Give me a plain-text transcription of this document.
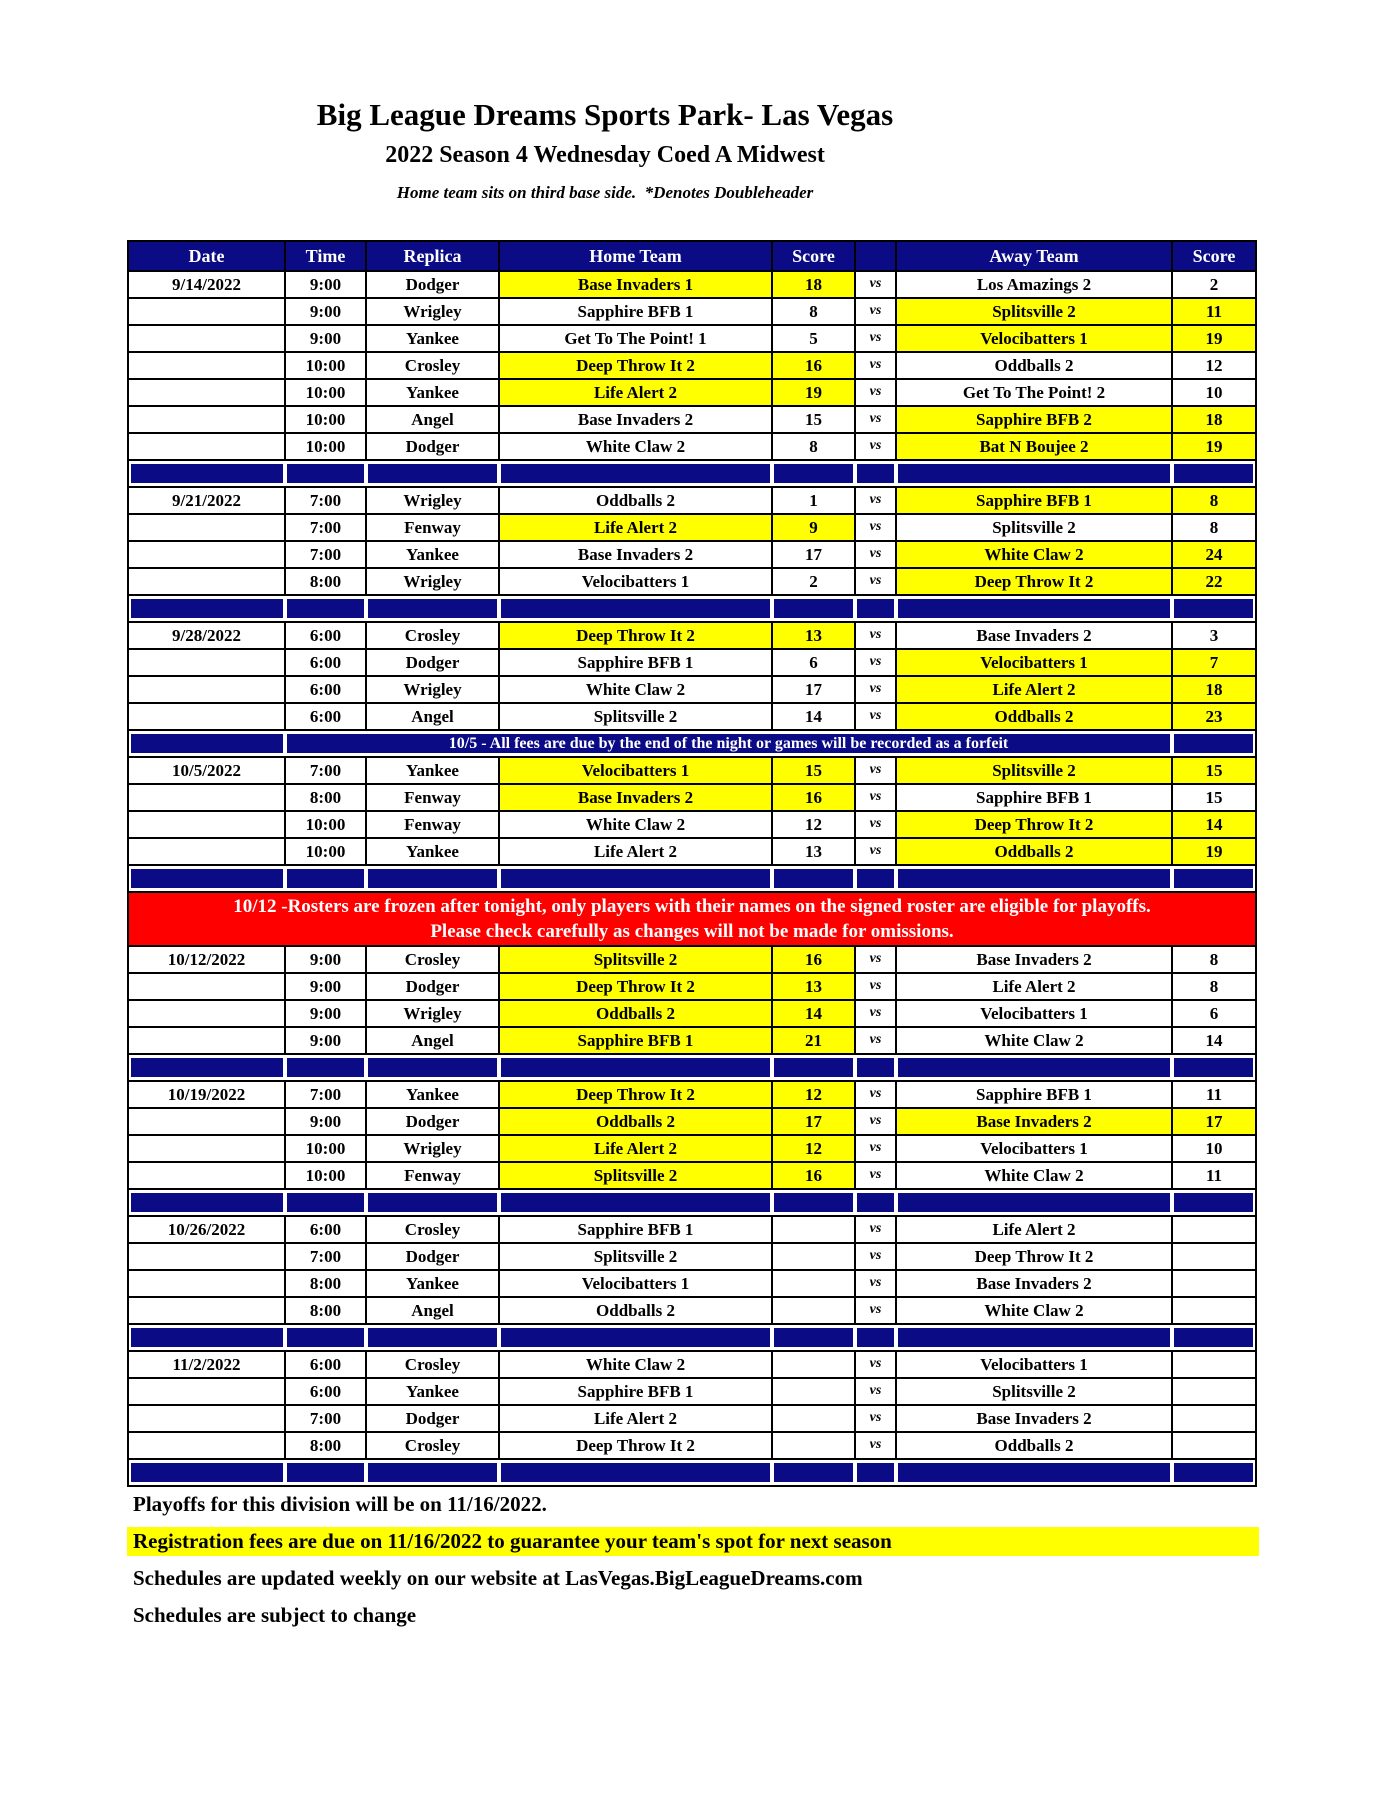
Big League Dreams Sports Park- Las Vegas
2022 Season 4 Wednesday Coed A Midwest
Home team sits on third base side.  *Denotes Doubleheader
Date	Time	Replica	Home Team	Score		Away Team	Score
9/14/2022	9:00	Dodger	Base Invaders 1	18	vs	Los Amazings 2	2
	9:00	Wrigley	Sapphire BFB 1	8	vs	Splitsville 2	11
	9:00	Yankee	Get To The Point! 1	5	vs	Velocibatters 1	19
	10:00	Crosley	Deep Throw It 2	16	vs	Oddballs 2	12
	10:00	Yankee	Life Alert 2	19	vs	Get To The Point! 2	10
	10:00	Angel	Base Invaders 2	15	vs	Sapphire BFB 2	18
	10:00	Dodger	White Claw 2	8	vs	Bat N Boujee 2	19

9/21/2022	7:00	Wrigley	Oddballs 2	1	vs	Sapphire BFB 1	8
	7:00	Fenway	Life Alert 2	9	vs	Splitsville 2	8
	7:00	Yankee	Base Invaders 2	17	vs	White Claw 2	24
	8:00	Wrigley	Velocibatters 1	2	vs	Deep Throw It 2	22

9/28/2022	6:00	Crosley	Deep Throw It 2	13	vs	Base Invaders 2	3
	6:00	Dodger	Sapphire BFB 1	6	vs	Velocibatters 1	7
	6:00	Wrigley	White Claw 2	17	vs	Life Alert 2	18
	6:00	Angel	Splitsville 2	14	vs	Oddballs 2	23

	10/5 - All fees are due by the end of the night or games will be recorded as a forfeit						

10/5/2022	7:00	Yankee	Velocibatters 1	15	vs	Splitsville 2	15
	8:00	Fenway	Base Invaders 2	16	vs	Sapphire BFB 1	15
	10:00	Fenway	White Claw 2	12	vs	Deep Throw It 2	14
	10:00	Yankee	Life Alert 2	13	vs	Oddballs 2	19

10/12 -Rosters are frozen after tonight, only players with their names on the signed roster are eligible for playoffs.
Please check carefully as changes will not be made for omissions.							

10/12/2022	9:00	Crosley	Splitsville 2	16	vs	Base Invaders 2	8
	9:00	Dodger	Deep Throw It 2	13	vs	Life Alert 2	8
	9:00	Wrigley	Oddballs 2	14	vs	Velocibatters 1	6
	9:00	Angel	Sapphire BFB 1	21	vs	White Claw 2	14

10/19/2022	7:00	Yankee	Deep Throw It 2	12	vs	Sapphire BFB 1	11
	9:00	Dodger	Oddballs 2	17	vs	Base Invaders 2	17
	10:00	Wrigley	Life Alert 2	12	vs	Velocibatters 1	10
	10:00	Fenway	Splitsville 2	16	vs	White Claw 2	11

10/26/2022	6:00	Crosley	Sapphire BFB 1		vs	Life Alert 2	
	7:00	Dodger	Splitsville 2		vs	Deep Throw It 2	
	8:00	Yankee	Velocibatters 1		vs	Base Invaders 2	
	8:00	Angel	Oddballs 2		vs	White Claw 2	

11/2/2022	6:00	Crosley	White Claw 2		vs	Velocibatters 1	
	6:00	Yankee	Sapphire BFB 1		vs	Splitsville 2	
	7:00	Dodger	Life Alert 2		vs	Base Invaders 2	
	8:00	Crosley	Deep Throw It 2		vs	Oddballs 2	

Playoffs for this division will be on 11/16/2022.
Registration fees are due on 11/16/2022 to guarantee your team's spot for next season
Schedules are updated weekly on our website at LasVegas.BigLeagueDreams.com
Schedules are subject to change
